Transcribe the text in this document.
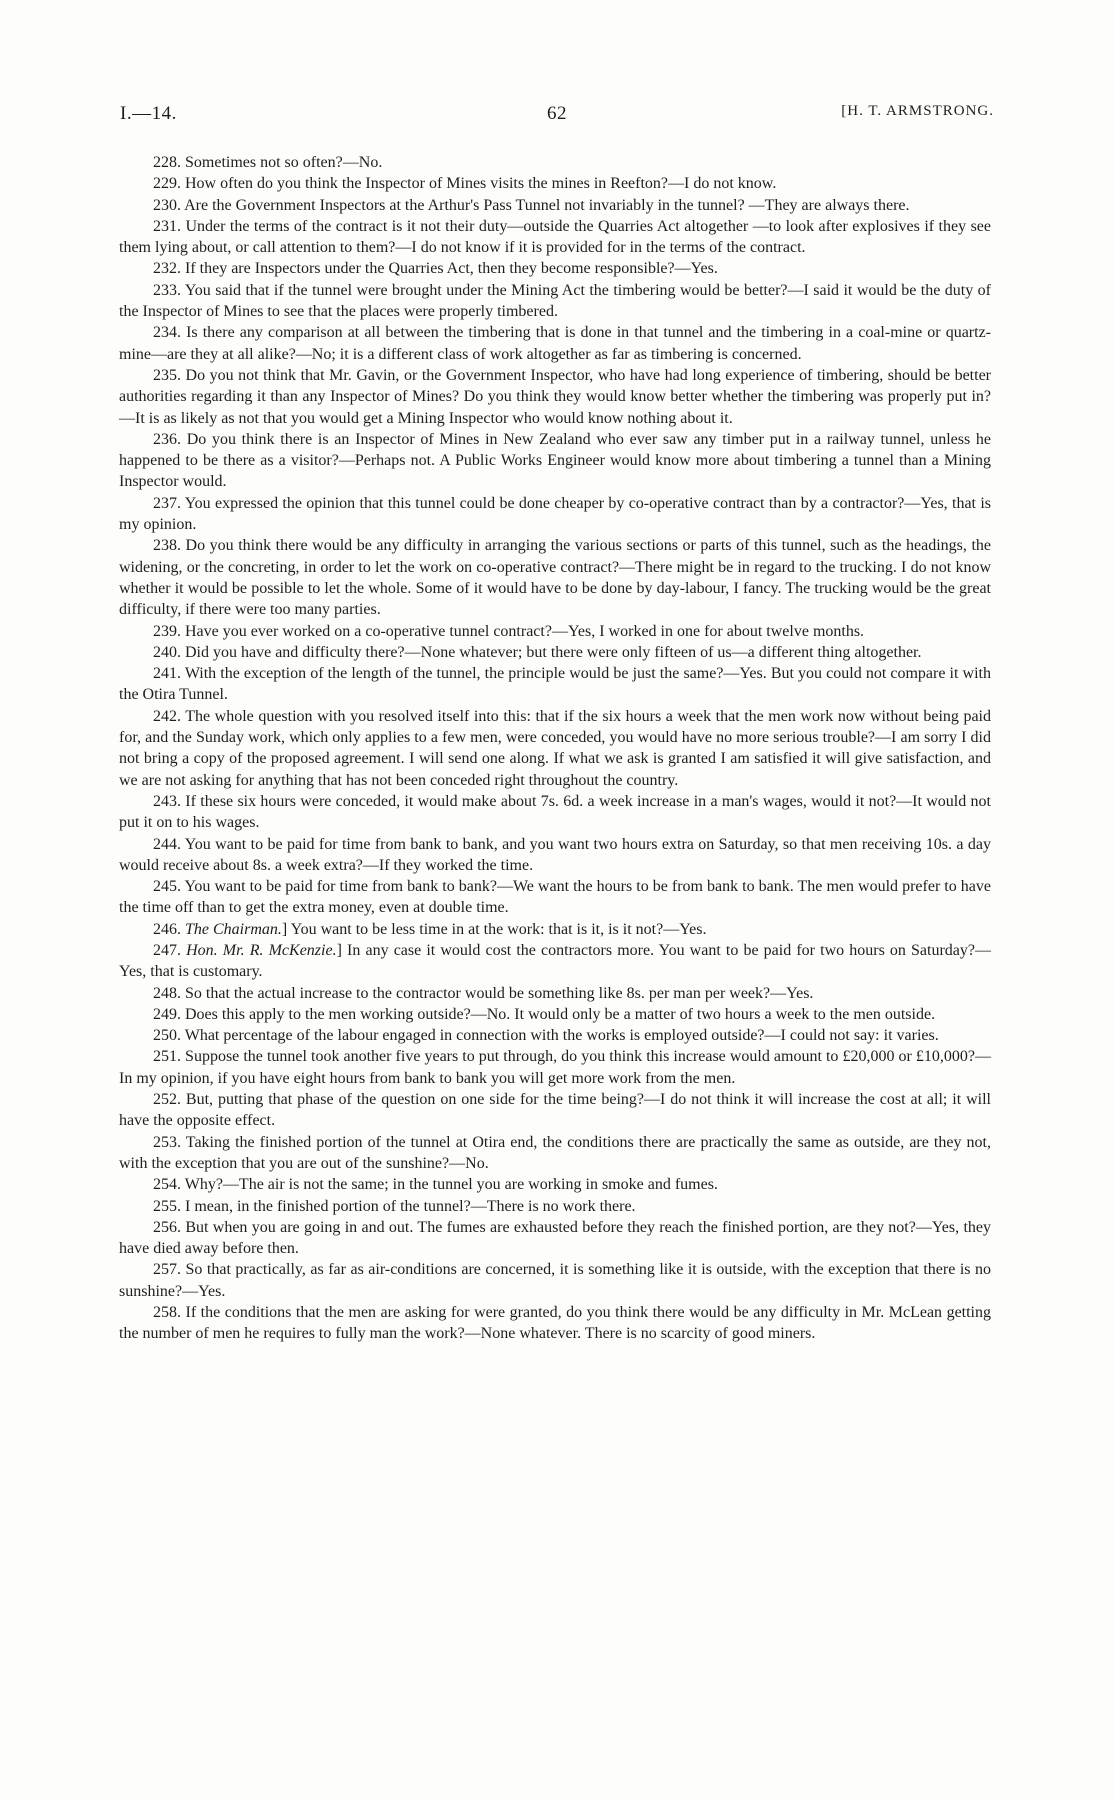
I.—14.	62	[H. T. ARMSTRONG.

228. Sometimes not so often?—No.

229. How often do you think the Inspector of Mines visits the mines in Reefton?—I do not know.

230. Are the Government Inspectors at the Arthur's Pass Tunnel not invariably in the tunnel? —They are always there.

231. Under the terms of the contract is it not their duty—outside the Quarries Act altogether —to look after explosives if they see them lying about, or call attention to them?—I do not know if it is provided for in the terms of the contract.

232. If they are Inspectors under the Quarries Act, then they become responsible?—Yes.

233. You said that if the tunnel were brought under the Mining Act the timbering would be better?—I said it would be the duty of the Inspector of Mines to see that the places were properly timbered.

234. Is there any comparison at all between the timbering that is done in that tunnel and the timbering in a coal-mine or quartz-mine—are they at all alike?—No; it is a different class of work altogether as far as timbering is concerned.

235. Do you not think that Mr. Gavin, or the Government Inspector, who have had long experience of timbering, should be better authorities regarding it than any Inspector of Mines? Do you think they would know better whether the timbering was properly put in?—It is as likely as not that you would get a Mining Inspector who would know nothing about it.

236. Do you think there is an Inspector of Mines in New Zealand who ever saw any timber put in a railway tunnel, unless he happened to be there as a visitor?—Perhaps not. A Public Works Engineer would know more about timbering a tunnel than a Mining Inspector would.

237. You expressed the opinion that this tunnel could be done cheaper by co-operative contract than by a contractor?—Yes, that is my opinion.

238. Do you think there would be any difficulty in arranging the various sections or parts of this tunnel, such as the headings, the widening, or the concreting, in order to let the work on co-operative contract?—There might be in regard to the trucking. I do not know whether it would be possible to let the whole. Some of it would have to be done by day-labour, I fancy. The trucking would be the great difficulty, if there were too many parties.

239. Have you ever worked on a co-operative tunnel contract?—Yes, I worked in one for about twelve months.

240. Did you have and difficulty there?—None whatever; but there were only fifteen of us—a different thing altogether.

241. With the exception of the length of the tunnel, the principle would be just the same?—Yes. But you could not compare it with the Otira Tunnel.

242. The whole question with you resolved itself into this: that if the six hours a week that the men work now without being paid for, and the Sunday work, which only applies to a few men, were conceded, you would have no more serious trouble?—I am sorry I did not bring a copy of the proposed agreement. I will send one along. If what we ask is granted I am satisfied it will give satisfaction, and we are not asking for anything that has not been conceded right throughout the country.

243. If these six hours were conceded, it would make about 7s. 6d. a week increase in a man's wages, would it not?—It would not put it on to his wages.

244. You want to be paid for time from bank to bank, and you want two hours extra on Saturday, so that men receiving 10s. a day would receive about 8s. a week extra?—If they worked the time.

245. You want to be paid for time from bank to bank?—We want the hours to be from bank to bank. The men would prefer to have the time off than to get the extra money, even at double time.

246. The Chairman.] You want to be less time in at the work: that is it, is it not?—Yes.

247. Hon. Mr. R. McKenzie.] In any case it would cost the contractors more. You want to be paid for two hours on Saturday?—Yes, that is customary.

248. So that the actual increase to the contractor would be something like 8s. per man per week?—Yes.

249. Does this apply to the men working outside?—No. It would only be a matter of two hours a week to the men outside.

250. What percentage of the labour engaged in connection with the works is employed outside?—I could not say: it varies.

251. Suppose the tunnel took another five years to put through, do you think this increase would amount to £20,000 or £10,000?—In my opinion, if you have eight hours from bank to bank you will get more work from the men.

252. But, putting that phase of the question on one side for the time being?—I do not think it will increase the cost at all; it will have the opposite effect.

253. Taking the finished portion of the tunnel at Otira end, the conditions there are practically the same as outside, are they not, with the exception that you are out of the sunshine?—No.

254. Why?—The air is not the same; in the tunnel you are working in smoke and fumes.

255. I mean, in the finished portion of the tunnel?—There is no work there.

256. But when you are going in and out. The fumes are exhausted before they reach the finished portion, are they not?—Yes, they have died away before then.

257. So that practically, as far as air-conditions are concerned, it is something like it is outside, with the exception that there is no sunshine?—Yes.

258. If the conditions that the men are asking for were granted, do you think there would be any difficulty in Mr. McLean getting the number of men he requires to fully man the work?—None whatever. There is no scarcity of good miners.
